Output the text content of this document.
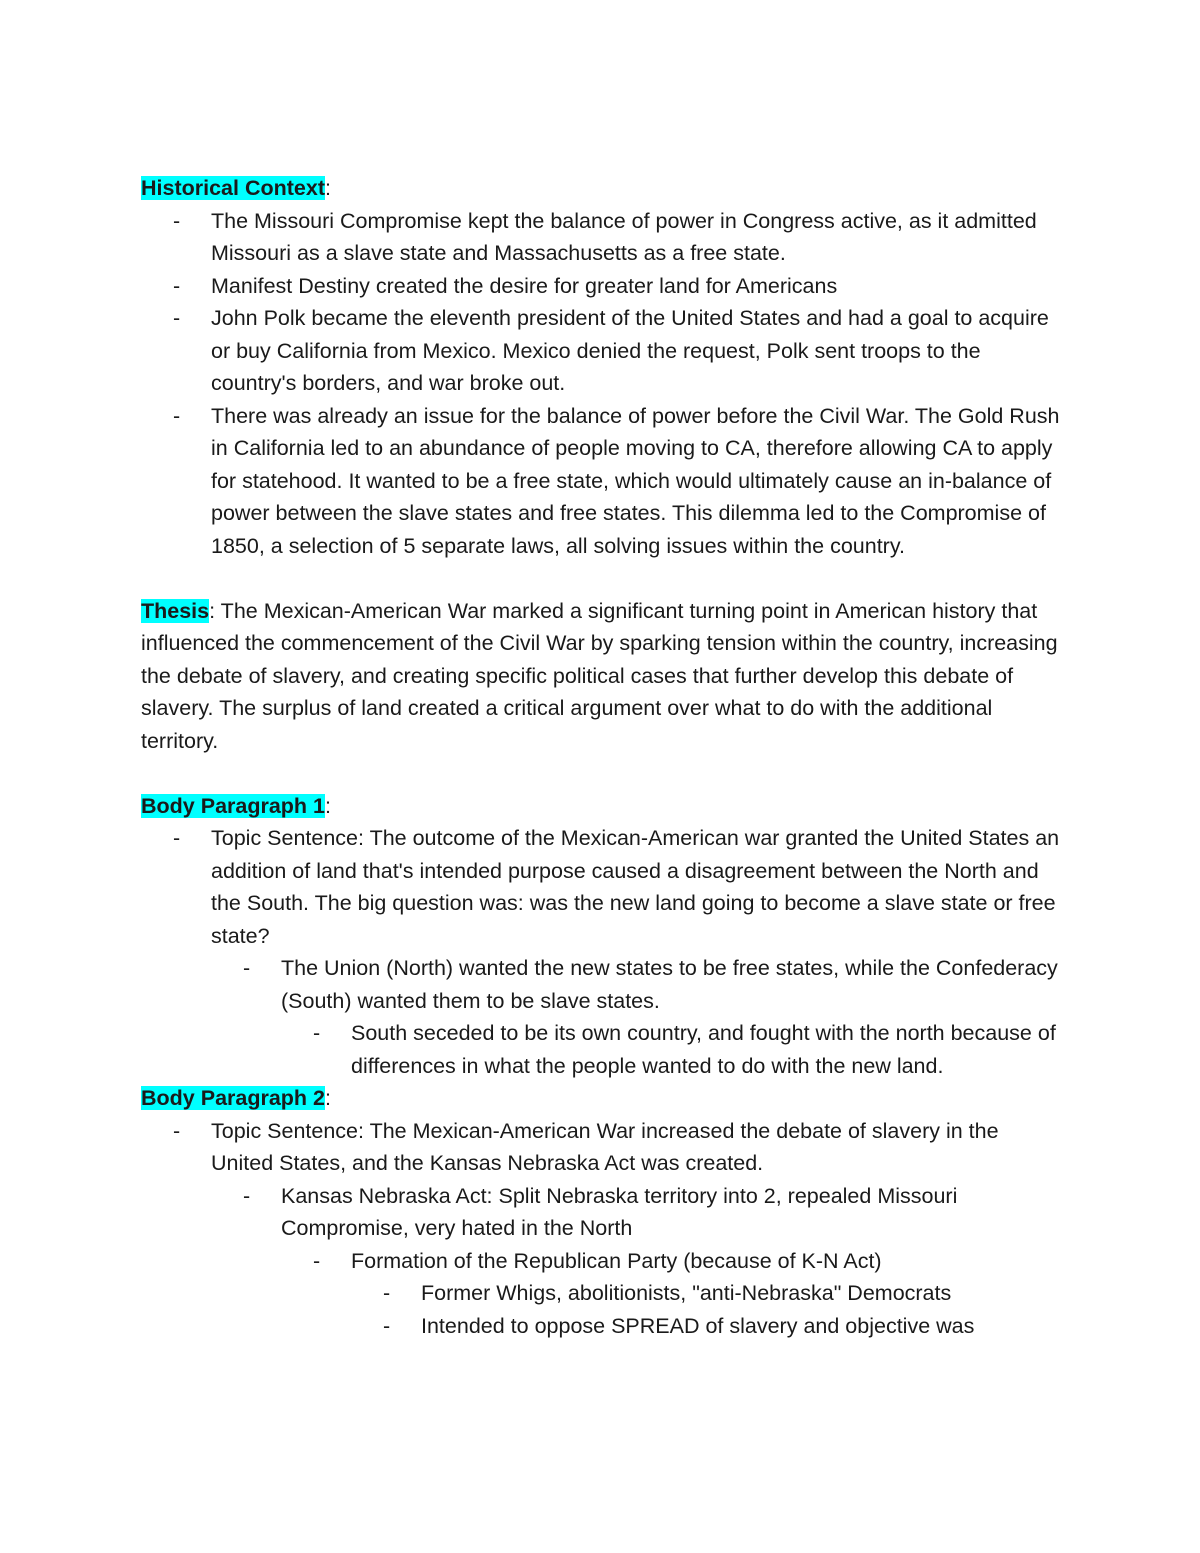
Historical Context:

- The Missouri Compromise kept the balance of power in Congress active, as it admitted Missouri as a slave state and Massachusetts as a free state.
- Manifest Destiny created the desire for greater land for Americans
- John Polk became the eleventh president of the United States and had a goal to acquire or buy California from Mexico. Mexico denied the request, Polk sent troops to the country's borders, and war broke out.
- There was already an issue for the balance of power before the Civil War. The Gold Rush in California led to an abundance of people moving to CA, therefore allowing CA to apply for statehood. It wanted to be a free state, which would ultimately cause an in-balance of power between the slave states and free states. This dilemma led to the Compromise of 1850, a selection of 5 separate laws, all solving issues within the country.

Thesis: The Mexican-American War marked a significant turning point in American history that influenced the commencement of the Civil War by sparking tension within the country, increasing the debate of slavery, and creating specific political cases that further develop this debate of slavery. The surplus of land created a critical argument over what to do with the additional territory.

Body Paragraph 1:

- Topic Sentence: The outcome of the Mexican-American war granted the United States an addition of land that's intended purpose caused a disagreement between the North and the South. The big question was: was the new land going to become a slave state or free state?
- The Union (North) wanted the new states to be free states, while the Confederacy (South) wanted them to be slave states.
- South seceded to be its own country, and fought with the north because of differences in what the people wanted to do with the new land.

Body Paragraph 2:

- Topic Sentence: The Mexican-American War increased the debate of slavery in the United States, and the Kansas Nebraska Act was created.
- Kansas Nebraska Act: Split Nebraska territory into 2, repealed Missouri Compromise, very hated in the North
- Formation of the Republican Party (because of K-N Act)
- Former Whigs, abolitionists, "anti-Nebraska" Democrats
- Intended to oppose SPREAD of slavery and objective was
